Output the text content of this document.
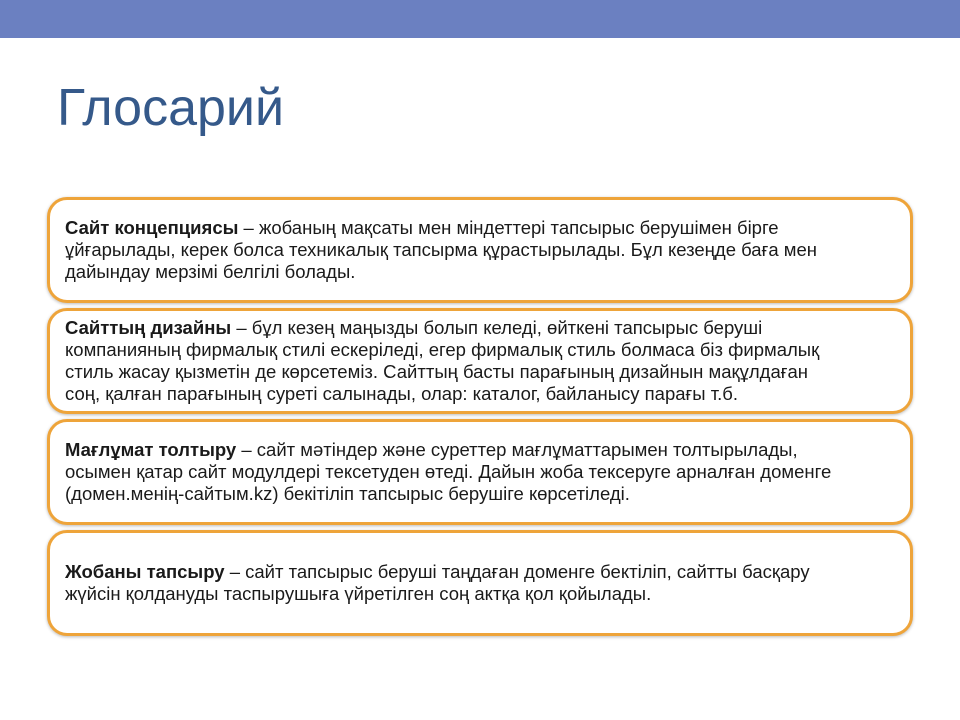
Глосарий
Сайт концепциясы – жобаның мақсаты мен міндеттері тапсырыс берушімен бірге
ұйғарылады, керек болса техникалық тапсырма құрастырылады. Бұл кезеңде баға мен
дайындау мерзімі белгілі болады.
Сайттың дизайны – бұл кезең маңызды болып келеді, өйткені тапсырыс беруші
компанияның фирмалық стилі ескеріледі, егер фирмалық стиль болмаса біз фирмалық
стиль жасау қызметін де көрсетеміз. Сайттың басты парағының дизайнын мақұлдаған
соң, қалған парағының суреті салынады, олар: каталог, байланысу парағы т.б.
Мағлұмат толтыру – сайт мәтіндер және суреттер мағлұматтарымен толтырылады,
осымен қатар сайт модулдері тексетуден өтеді. Дайын жоба тексеруге арналған доменге
(домен.менің-сайтым.kz) бекітіліп тапсырыс берушіге көрсетіледі.
Жобаны тапсыру – сайт тапсырыс беруші таңдаған доменге бектіліп, сайтты басқару
жүйсін қолдануды таспырушыға үйретілген соң актқа қол қойылады.
